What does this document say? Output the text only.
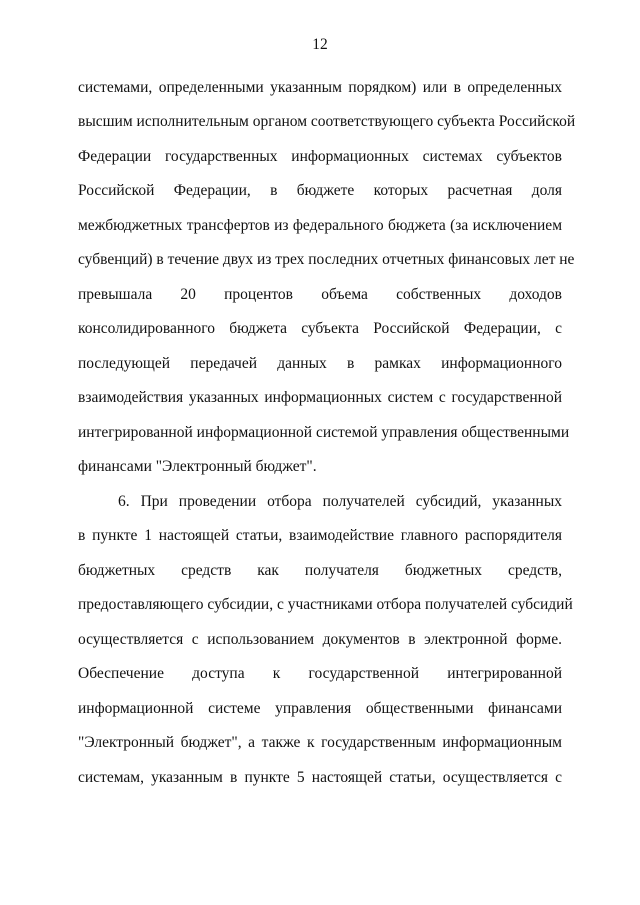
12
системами, определенными указанным порядком) или в определенных
высшим исполнительным органом соответствующего субъекта Российской
Федерации государственных информационных системах субъектов
Российской Федерации, в бюджете которых расчетная доля
межбюджетных трансфертов из федерального бюджета (за исключением
субвенций) в течение двух из трех последних отчетных финансовых лет не
превышала 20 процентов объема собственных доходов
консолидированного бюджета субъекта Российской Федерации, с
последующей передачей данных в рамках информационного
взаимодействия указанных информационных систем с государственной
интегрированной информационной системой управления общественными
финансами "Электронный бюджет".
6. При проведении отбора получателей субсидий, указанных
в пункте 1 настоящей статьи, взаимодействие главного распорядителя
бюджетных средств как получателя бюджетных средств,
предоставляющего субсидии, с участниками отбора получателей субсидий
осуществляется с использованием документов в электронной форме.
Обеспечение доступа к государственной интегрированной
информационной системе управления общественными финансами
"Электронный бюджет", а также к государственным информационным
системам, указанным в пункте 5 настоящей статьи, осуществляется с
